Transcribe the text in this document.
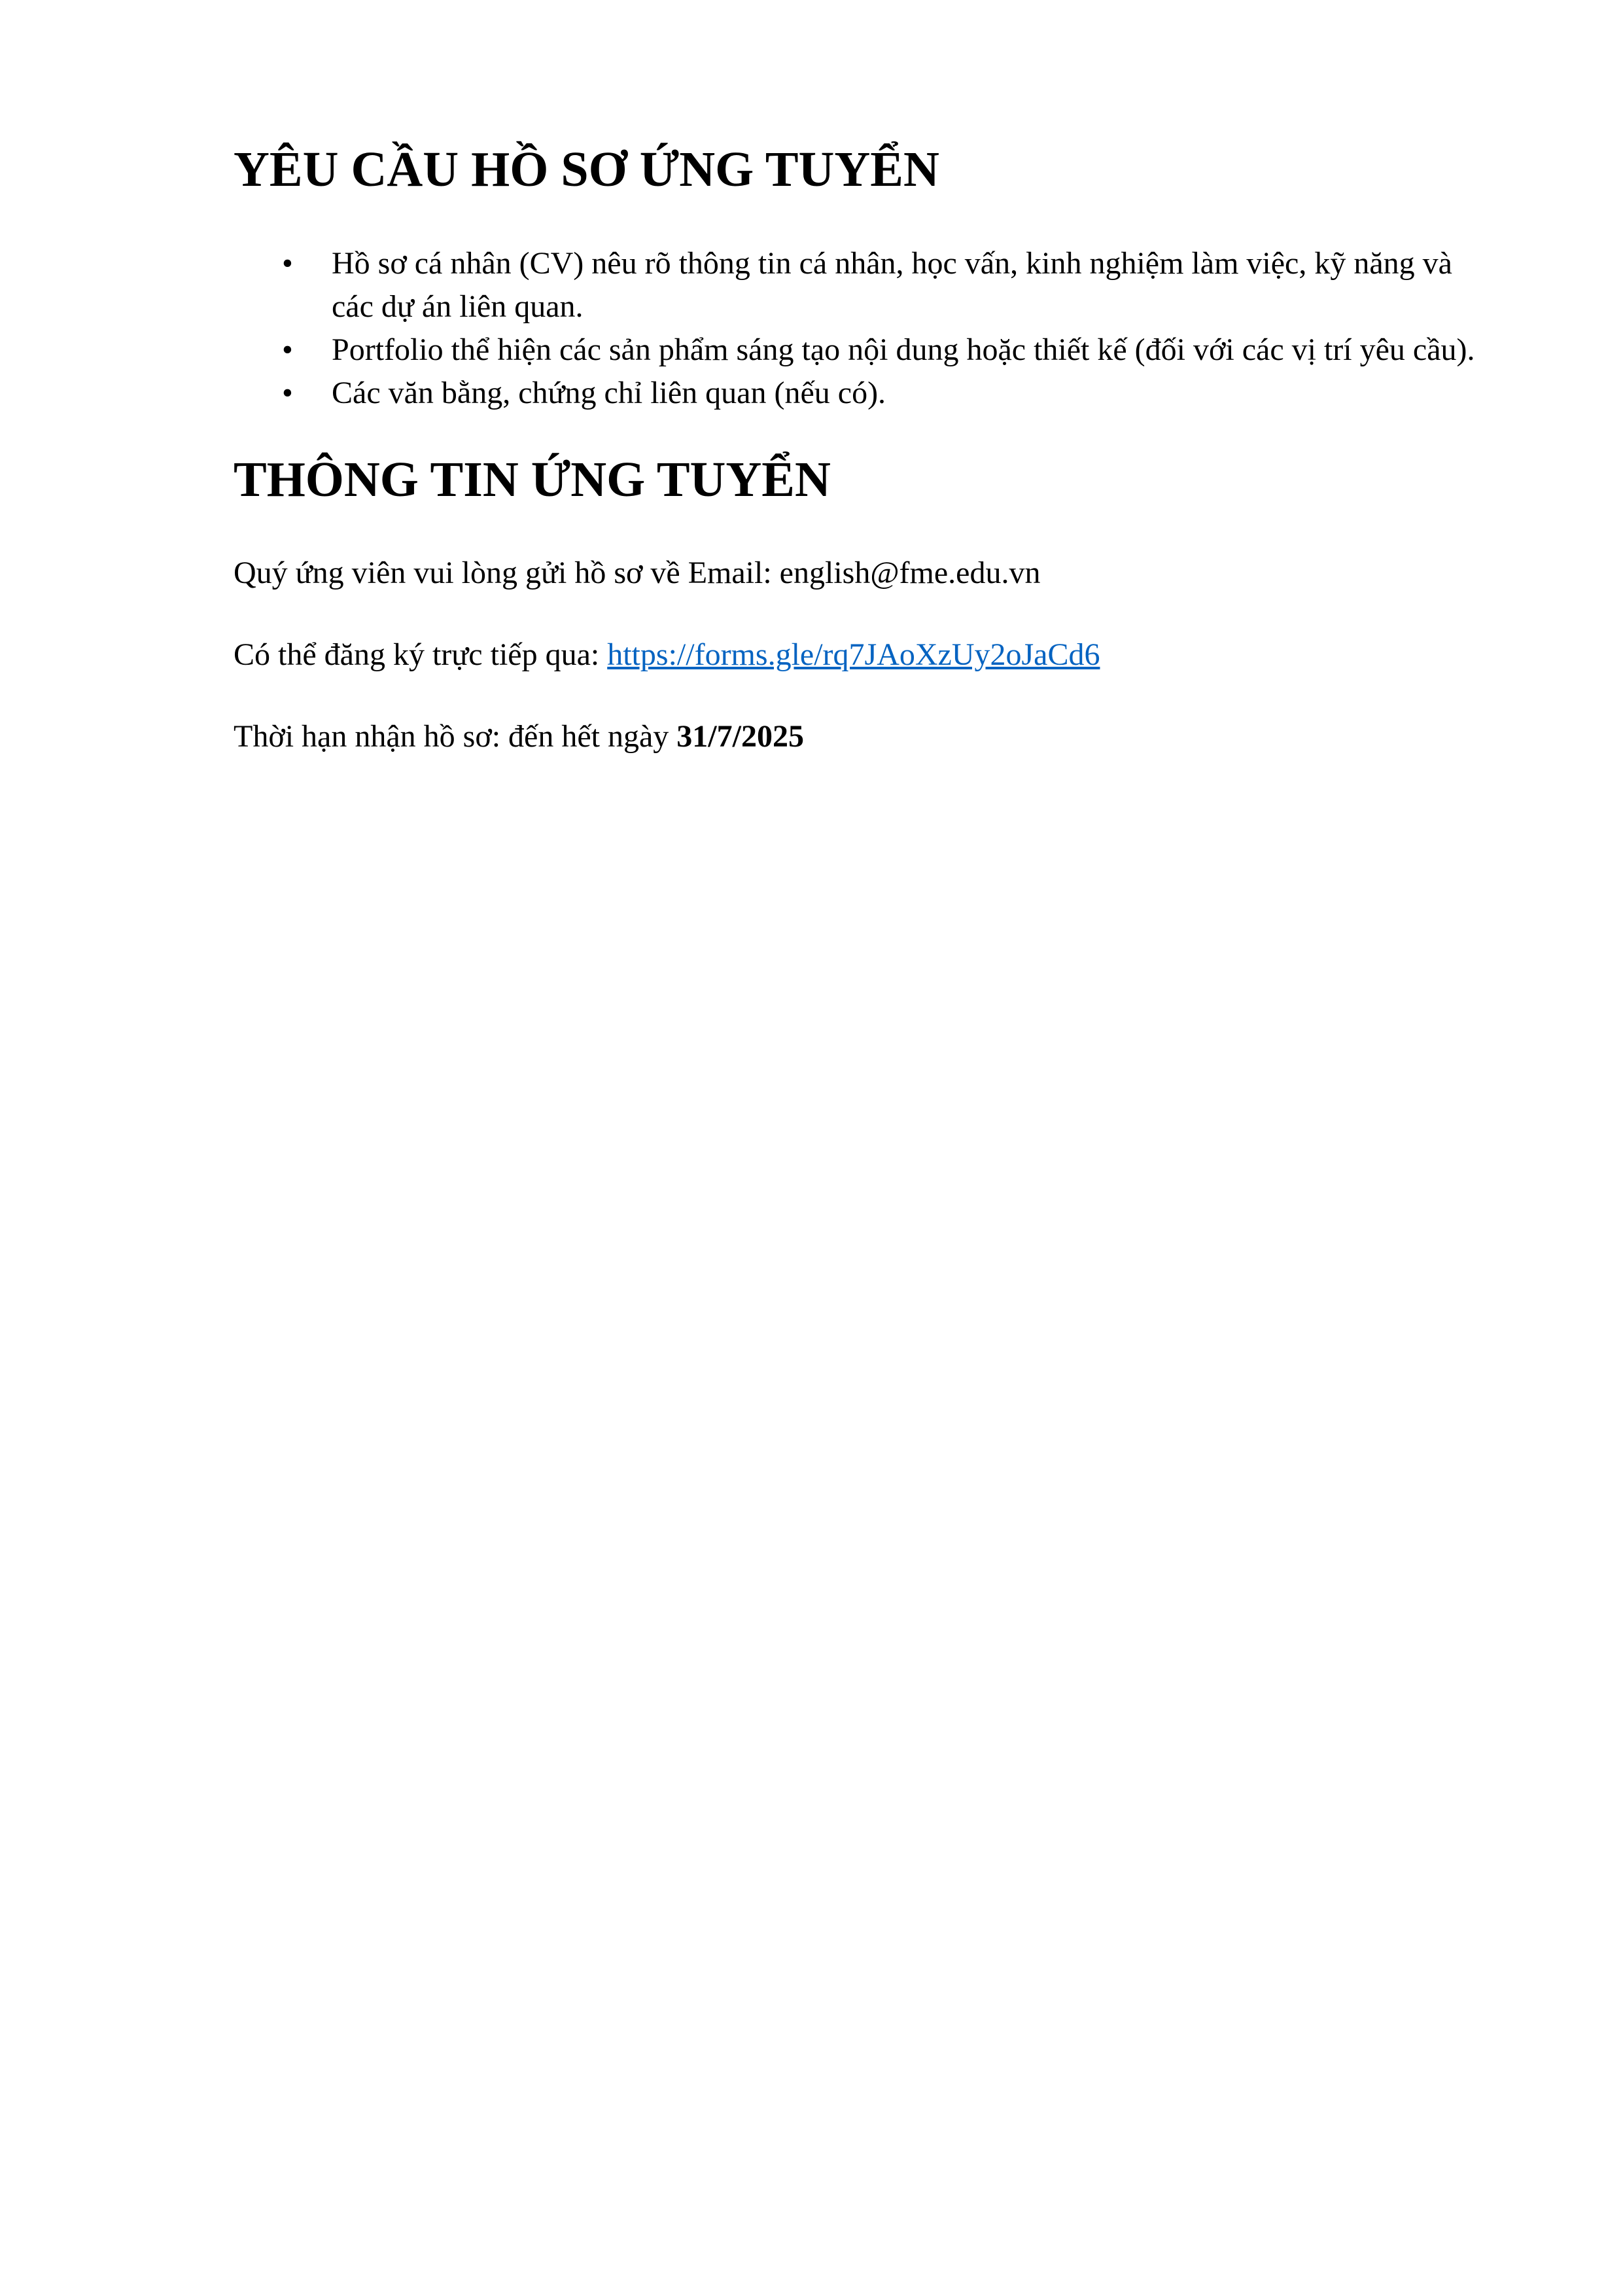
YÊU CẦU HỒ SƠ ỨNG TUYỂN
•	Hồ sơ cá nhân (CV) nêu rõ thông tin cá nhân, học vấn, kinh nghiệm làm việc, kỹ năng và các dự án liên quan.
•	Portfolio thể hiện các sản phẩm sáng tạo nội dung hoặc thiết kế (đối với các vị trí yêu cầu).
•	Các văn bằng, chứng chỉ liên quan (nếu có).
THÔNG TIN ỨNG TUYỂN

Quý ứng viên vui lòng gửi hồ sơ về Email: english@fme.edu.vn

Có thể đăng ký trực tiếp qua: https://forms.gle/rq7JAoXzUy2oJaCd6

Thời hạn nhận hồ sơ: đến hết ngày 31/7/2025
